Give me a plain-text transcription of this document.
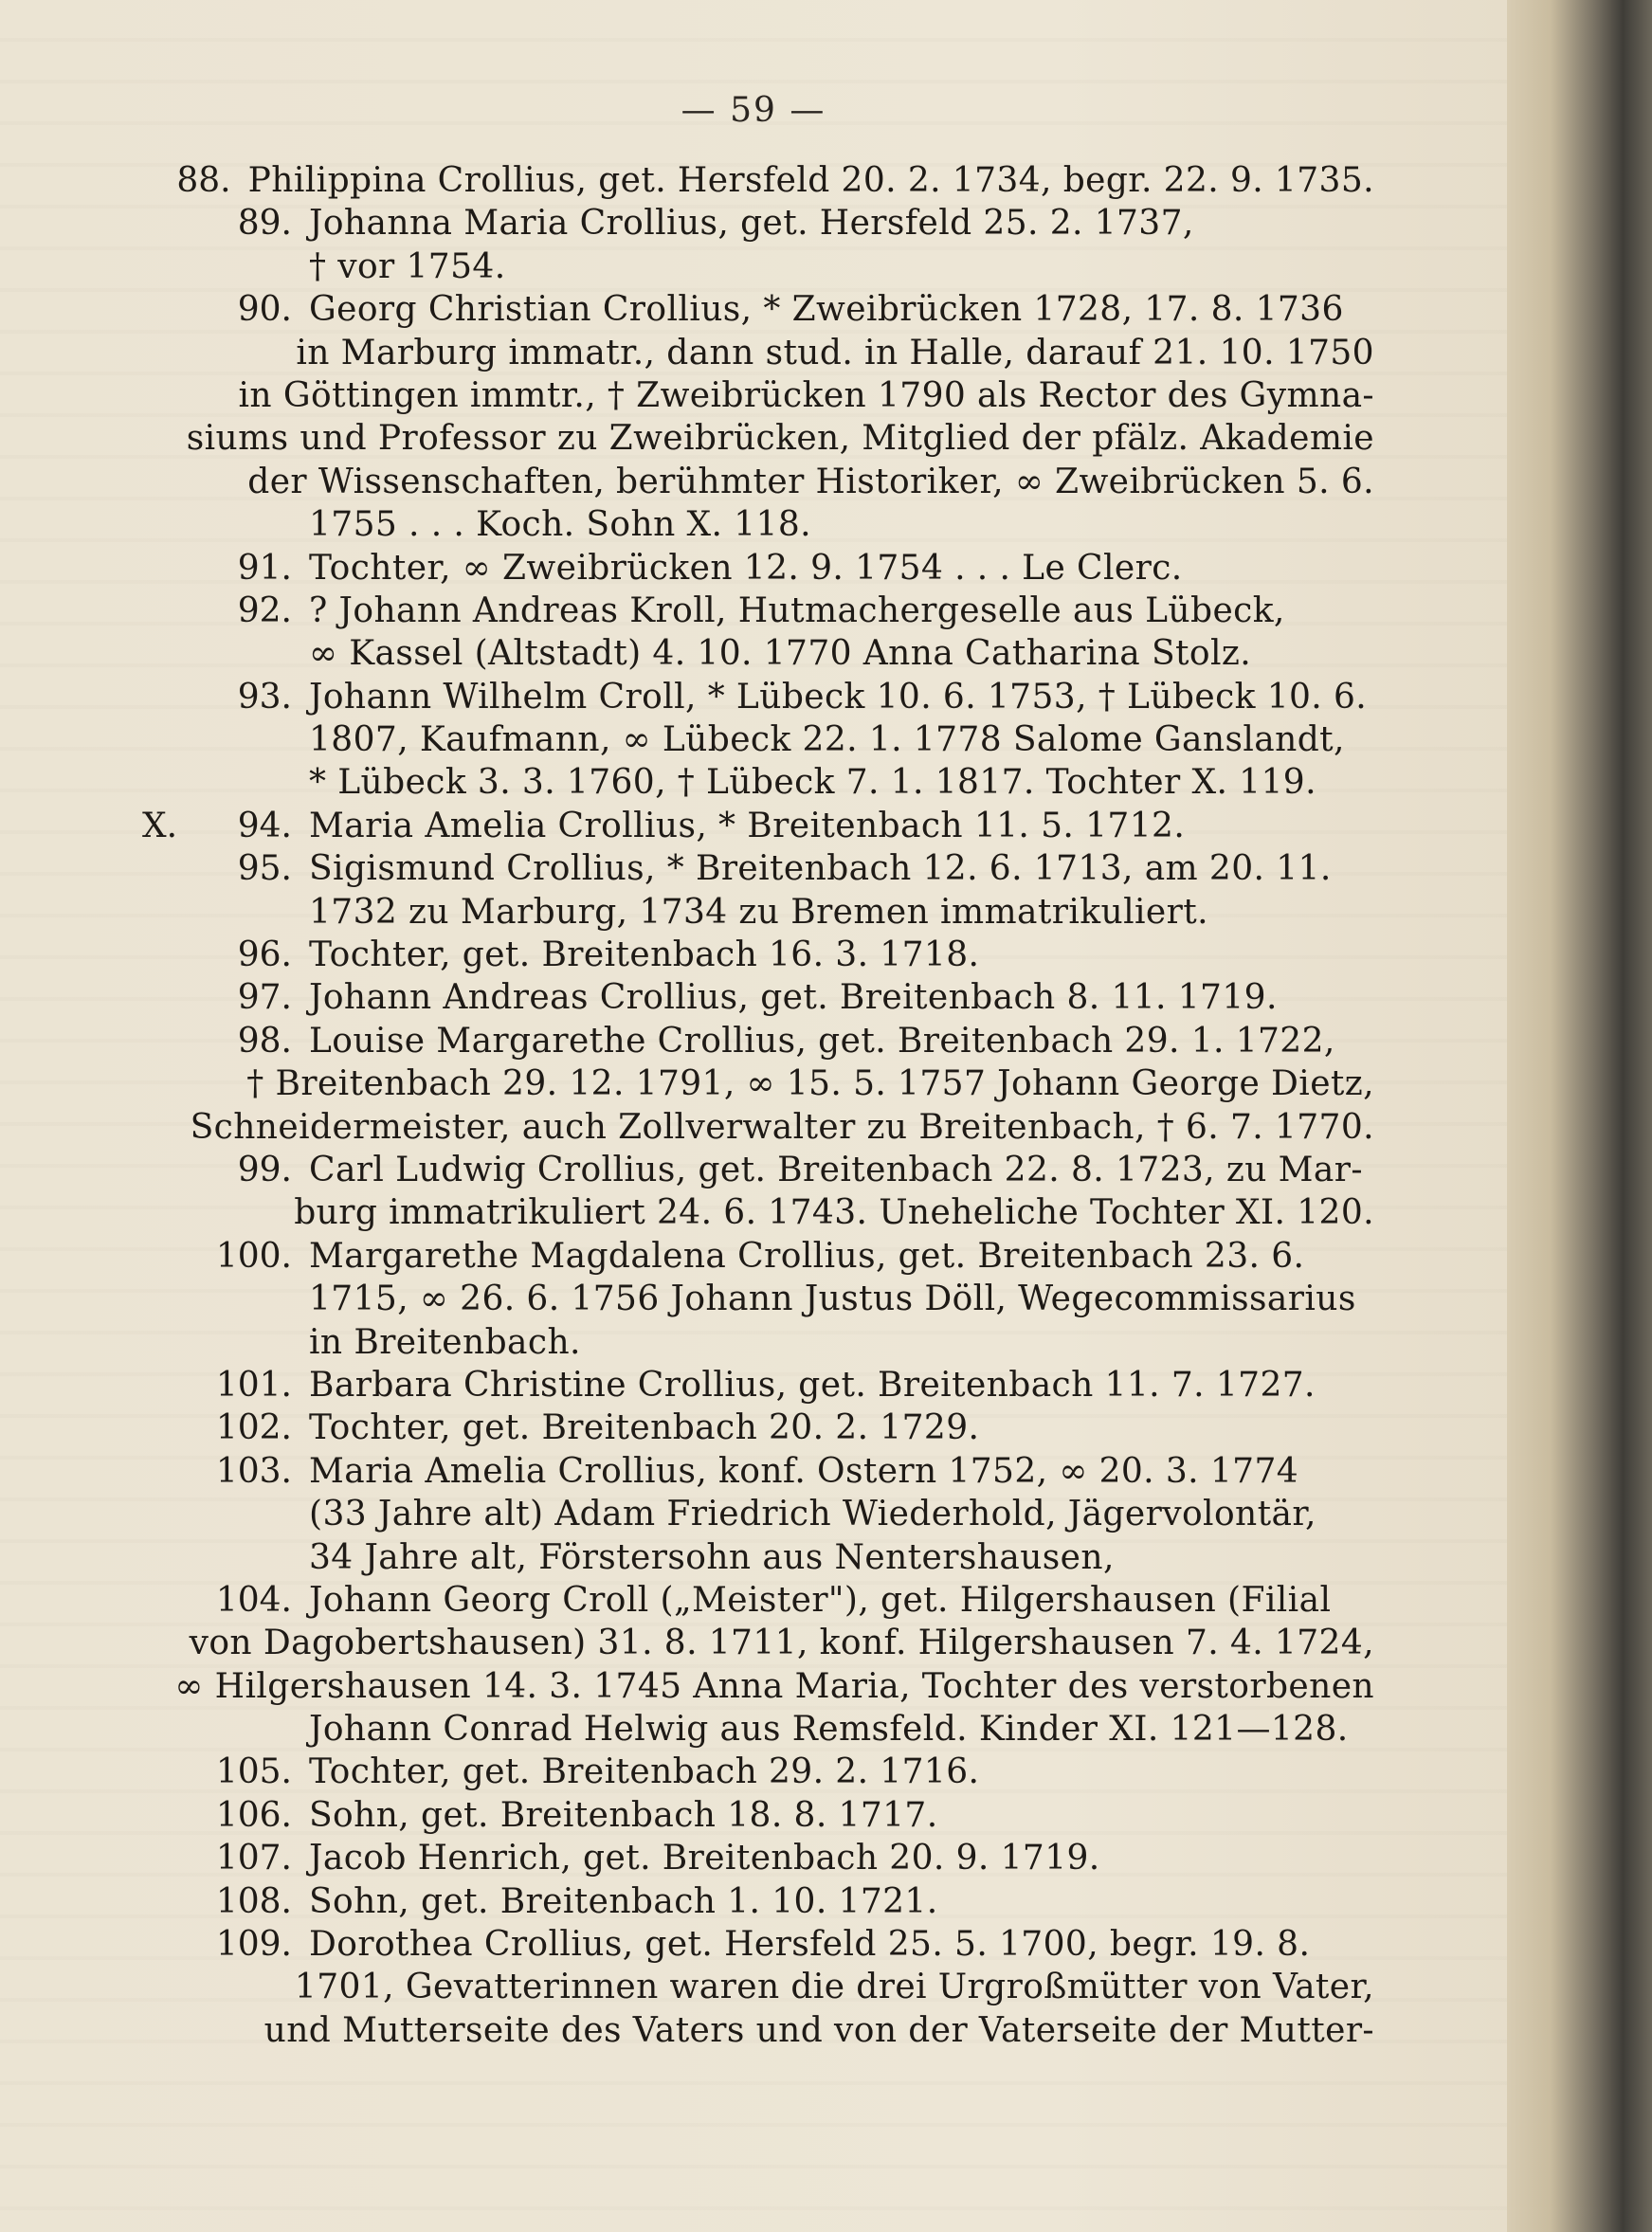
— 59 —
88. Philippina Crollius, get. Hersfeld 20. 2. 1734, begr. 22. 9. 1735.
89. Johanna Maria Crollius, get. Hersfeld 25. 2. 1737,
† vor 1754.
90. Georg Christian Crollius, * Zweibrücken 1728, 17. 8. 1736
in Marburg immatr., dann stud. in Halle, darauf 21. 10. 1750
in Göttingen immtr., † Zweibrücken 1790 als Rector des Gymna-
siums und Professor zu Zweibrücken, Mitglied der pfälz. Akademie
der Wissenschaften, berühmter Historiker, ∞ Zweibrücken 5. 6.
1755 . . . Koch. Sohn X. 118.
91. Tochter, ∞ Zweibrücken 12. 9. 1754 . . . Le Clerc.
92. ? Johann Andreas Kroll, Hutmachergeselle aus Lübeck,
∞ Kassel (Altstadt) 4. 10. 1770 Anna Catharina Stolz.
93. Johann Wilhelm Croll, * Lübeck 10. 6. 1753, † Lübeck 10. 6.
1807, Kaufmann, ∞ Lübeck 22. 1. 1778 Salome Ganslandt,
* Lübeck 3. 3. 1760, † Lübeck 7. 1. 1817. Tochter X. 119.
X.	94. Maria Amelia Crollius, * Breitenbach 11. 5. 1712.
95. Sigismund Crollius, * Breitenbach 12. 6. 1713, am 20. 11.
1732 zu Marburg, 1734 zu Bremen immatrikuliert.
96. Tochter, get. Breitenbach 16. 3. 1718.
97. Johann Andreas Crollius, get. Breitenbach 8. 11. 1719.
98. Louise Margarethe Crollius, get. Breitenbach 29. 1. 1722,
† Breitenbach 29. 12. 1791, ∞ 15. 5. 1757 Johann George Dietz,
Schneidermeister, auch Zollverwalter zu Breitenbach, † 6. 7. 1770.
99. Carl Ludwig Crollius, get. Breitenbach 22. 8. 1723, zu Mar-
burg immatrikuliert 24. 6. 1743. Uneheliche Tochter XI. 120.
100. Margarethe Magdalena Crollius, get. Breitenbach 23. 6.
1715, ∞ 26. 6. 1756 Johann Justus Döll, Wegecommissarius
in Breitenbach.
101. Barbara Christine Crollius, get. Breitenbach 11. 7. 1727.
102. Tochter, get. Breitenbach 20. 2. 1729.
103. Maria Amelia Crollius, konf. Ostern 1752, ∞ 20. 3. 1774
(33 Jahre alt) Adam Friedrich Wiederhold, Jägervolontär,
34 Jahre alt, Förstersohn aus Nentershausen,
104. Johann Georg Croll („Meister"), get. Hilgershausen (Filial
von Dagobertshausen) 31. 8. 1711, konf. Hilgershausen 7. 4. 1724,
∞ Hilgershausen 14. 3. 1745 Anna Maria, Tochter des verstorbenen
Johann Conrad Helwig aus Remsfeld. Kinder XI. 121—128.
105. Tochter, get. Breitenbach 29. 2. 1716.
106. Sohn, get. Breitenbach 18. 8. 1717.
107. Jacob Henrich, get. Breitenbach 20. 9. 1719.
108. Sohn, get. Breitenbach 1. 10. 1721.
109. Dorothea Crollius, get. Hersfeld 25. 5. 1700, begr. 19. 8.
1701, Gevatterinnen waren die drei Urgroßmütter von Vater,
und Mutterseite des Vaters und von der Vaterseite der Mutter-
